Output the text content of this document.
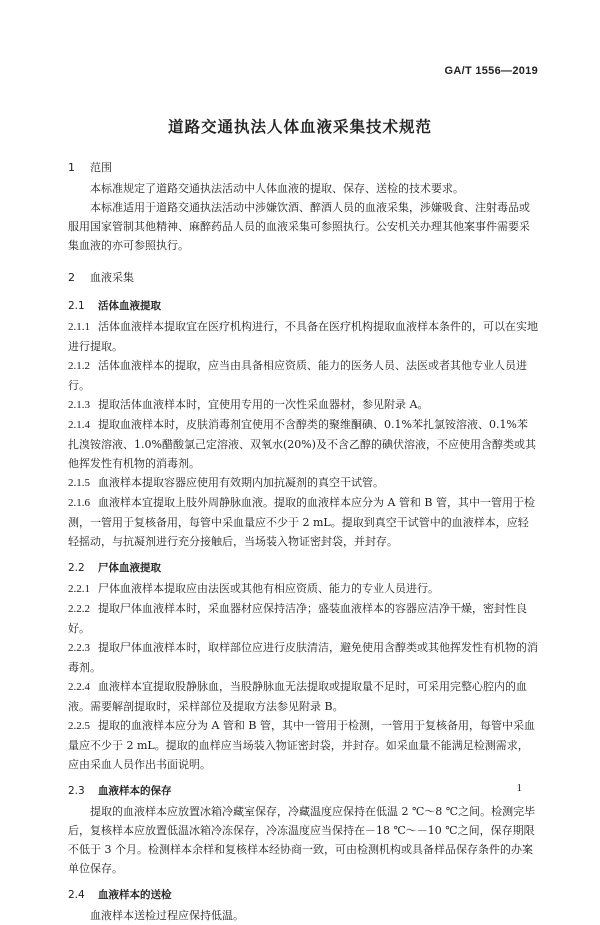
GA/T 1556—2019
道路交通执法人体血液采集技术规范
1 范围

本标准规定了道路交通执法活动中人体血液的提取、保存、送检的技术要求。

本标准适用于道路交通执法活动中涉嫌饮酒、醉酒人员的血液采集，涉嫌吸食、注射毒品或服用国家管制其他精神、麻醉药品人员的血液采集可参照执行。公安机关办理其他案事件需要采集血液的亦可参照执行。

2 血液采集
2.1 活体血液提取

2.1.1 活体血液样本提取宜在医疗机构进行，不具备在医疗机构提取血液样本条件的，可以在实地进行提取。

2.1.2 活体血液样本的提取，应当由具备相应资质、能力的医务人员、法医或者其他专业人员进行。

2.1.3 提取活体血液样本时，宜使用专用的一次性采血器材，参见附录 A。

2.1.4 提取血液样本时，皮肤消毒剂宜使用不含醇类的聚维酮碘、0.1%苯扎氯铵溶液、0.1%苯扎溴铵溶液、1.0%醋酸氯己定溶液、双氧水(20%)及不含乙醇的碘伏溶液，不应使用含醇类或其他挥发性有机物的消毒剂。

2.1.5 血液样本提取容器应使用有效期内加抗凝剂的真空干试管。

2.1.6 血液样本宜提取上肢外周静脉血液。提取的血液样本应分为 A 管和 B 管，其中一管用于检测，一管用于复核备用，每管中采血量应不少于 2 mL。提取到真空干试管中的血液样本，应轻轻摇动，与抗凝剂进行充分接触后，当场装入物证密封袋，并封存。

2.2 尸体血液提取

2.2.1 尸体血液样本提取应由法医或其他有相应资质、能力的专业人员进行。

2.2.2 提取尸体血液样本时，采血器材应保持洁净；盛装血液样本的容器应洁净干燥，密封性良好。

2.2.3 提取尸体血液样本时，取样部位应进行皮肤清洁，避免使用含醇类或其他挥发性有机物的消毒剂。

2.2.4 血液样本宜提取股静脉血，当股静脉血无法提取或提取量不足时，可采用完整心腔内的血液。需要解剖提取时，采样部位及提取方法参见附录 B。

2.2.5 提取的血液样本应分为 A 管和 B 管，其中一管用于检测，一管用于复核备用，每管中采血量应不少于 2 mL。提取的血样应当场装入物证密封袋，并封存。如采血量不能满足检测需求，应由采血人员作出书面说明。

2.3 血液样本的保存

提取的血液样本应放置冰箱冷藏室保存，冷藏温度应保持在低温 2 ℃～8 ℃之间。检测完毕后，复核样本应放置低温冰箱冷冻保存，冷冻温度应当保持在－18 ℃～－10 ℃之间，保存期限不低于 3 个月。检测样本余样和复核样本经协商一致，可由检测机构或具备样品保存条件的办案单位保存。

2.4 血液样本的送检

血液样本送检过程应保持低温。

1
